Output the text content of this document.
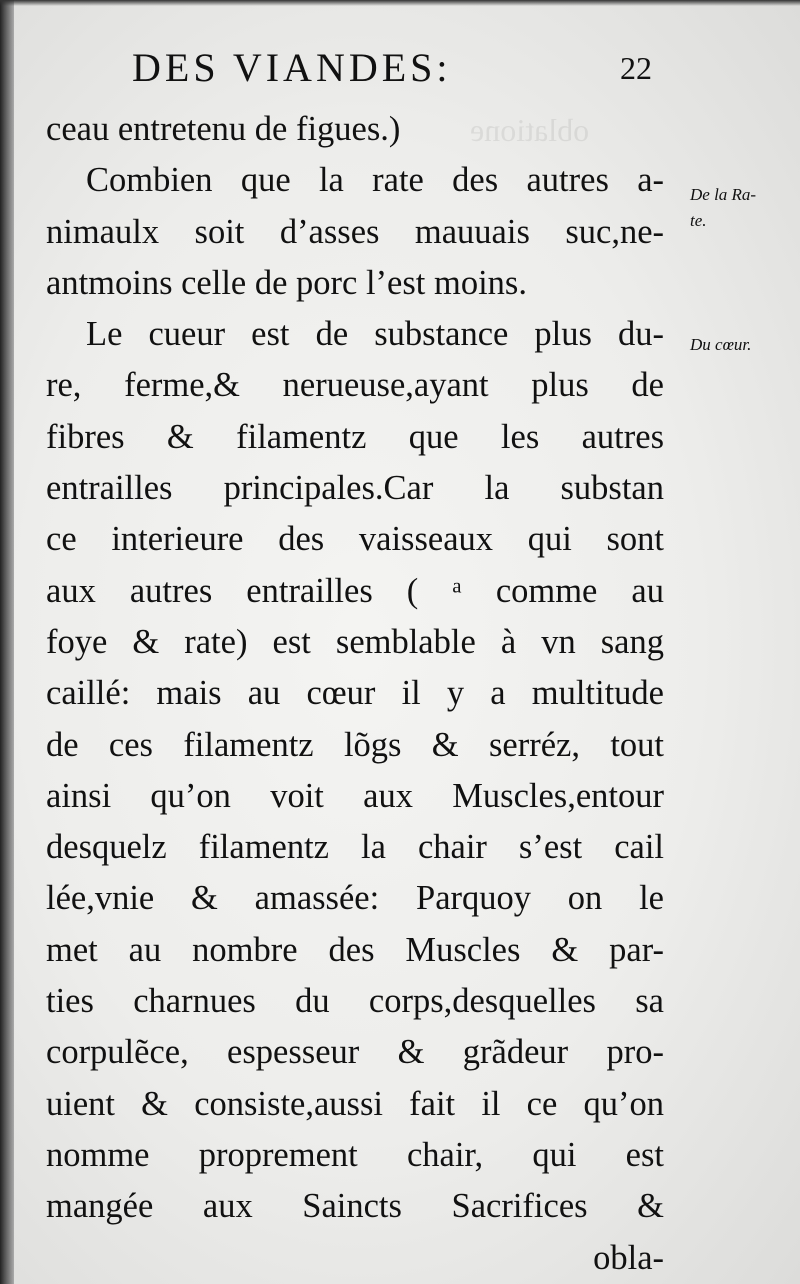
oblatione
DES VIANDES:	22
ceau entretenu de figues.)
Combien que la rate des autres a-
nimaulx soit d’asses mauuais suc,ne-
antmoins celle de porc l’est moins.
Le cueur est de substance plus du-
re, ferme,& nerueuse,ayant plus de
fibres & filamentz que les autres
entrailles principales.Car la substan
ce interieure des vaisseaux qui sont
aux autres entrailles ( ᵃ comme au
foye & rate) est semblable à vn sang
caillé: mais au cœur il y a multitude
de ces filamentz lõgs & serréz, tout
ainsi qu’on voit aux Muscles,entour
desquelz filamentz la chair s’est cail
lée,vnie & amassée: Parquoy on le
met au nombre des Muscles & par-
ties charnues du corps,desquelles sa
corpulẽce, espesseur & grãdeur pro-
uient & consiste,aussi fait il ce qu’on
nomme proprement chair, qui est
mangée aux Saincts Sacrifices &
obla-
De la Ra-
te.
Du cœur.
